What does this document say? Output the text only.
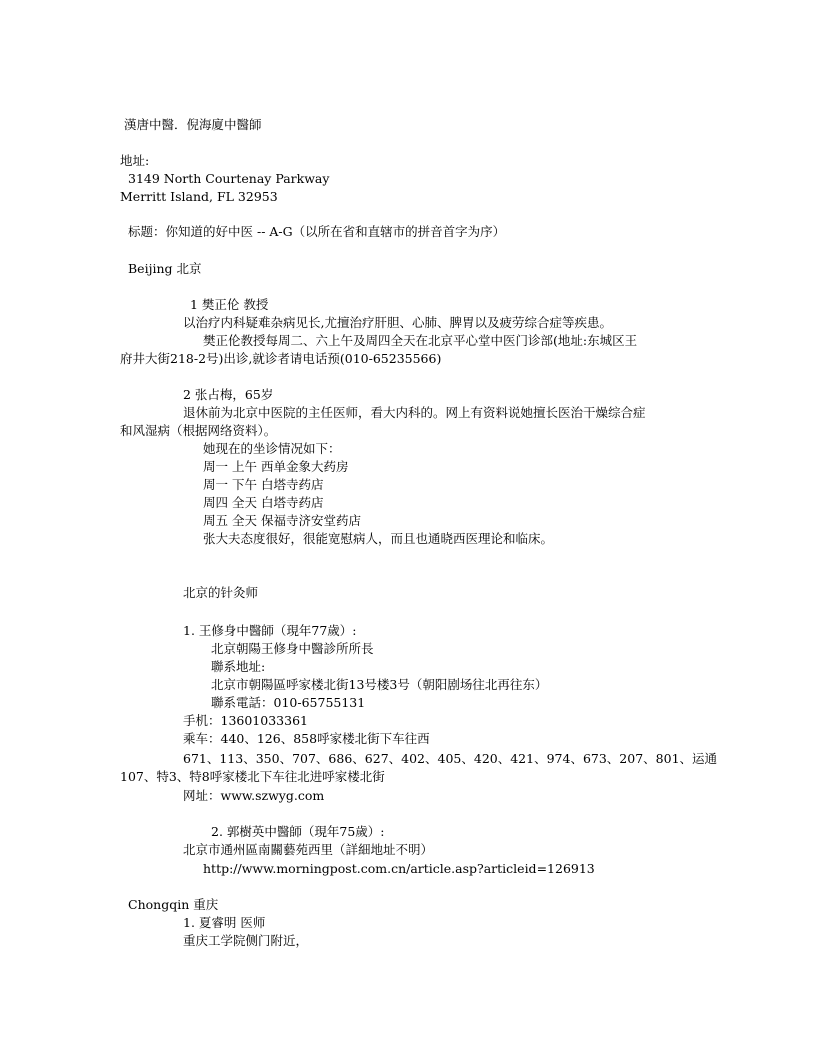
漢唐中醫．倪海廈中醫師
地址:
3149 North Courtenay Parkway
Merritt Island, FL 32953
标题：你知道的好中医 -- A-G（以所在省和直辖市的拼音首字为序）
Beijing 北京
1 樊正伦 教授
以治疗内科疑难杂病见长,尤擅治疗肝胆、心肺、脾胃以及疲劳综合症等疾患。
樊正伦教授每周二、六上午及周四全天在北京平心堂中医门诊部(地址:东城区王
府井大街218-2号)出诊,就诊者请电话预(010-65235566)
2 张占梅，65岁
退休前为北京中医院的主任医师，看大内科的。网上有资料说她擅长医治干燥综合症
和风湿病（根据网络资料）。
她现在的坐诊情况如下：
周一 上午 西单金象大药房
周一 下午 白塔寺药店
周四 全天 白塔寺药店
周五 全天 保福寺济安堂药店
张大夫态度很好，很能宽慰病人，而且也通晓西医理论和临床。
北京的针灸师
1. 王修身中醫師（現年77歲）:
北京朝陽王修身中醫診所所長
聯系地址:
北京市朝陽區呼家楼北街13号楼3号（朝阳剧场往北再往东）
聯系電話：010-65755131
手机：13601033361
乘车：440、126、858呼家楼北街下车往西
671、113、350、707、686、627、402、405、420、421、974、673、207、801、运通
107、特3、特8呼家楼北下车往北进呼家楼北街
网址：www.szwyg.com
2. 郭樹英中醫師（現年75歲）:
北京市通州區南關藝苑西里（詳細地址不明）
http://www.morningpost.com.cn/article.asp?articleid=126913
Chongqin 重庆
1. 夏睿明 医师
重庆工学院侧门附近，
